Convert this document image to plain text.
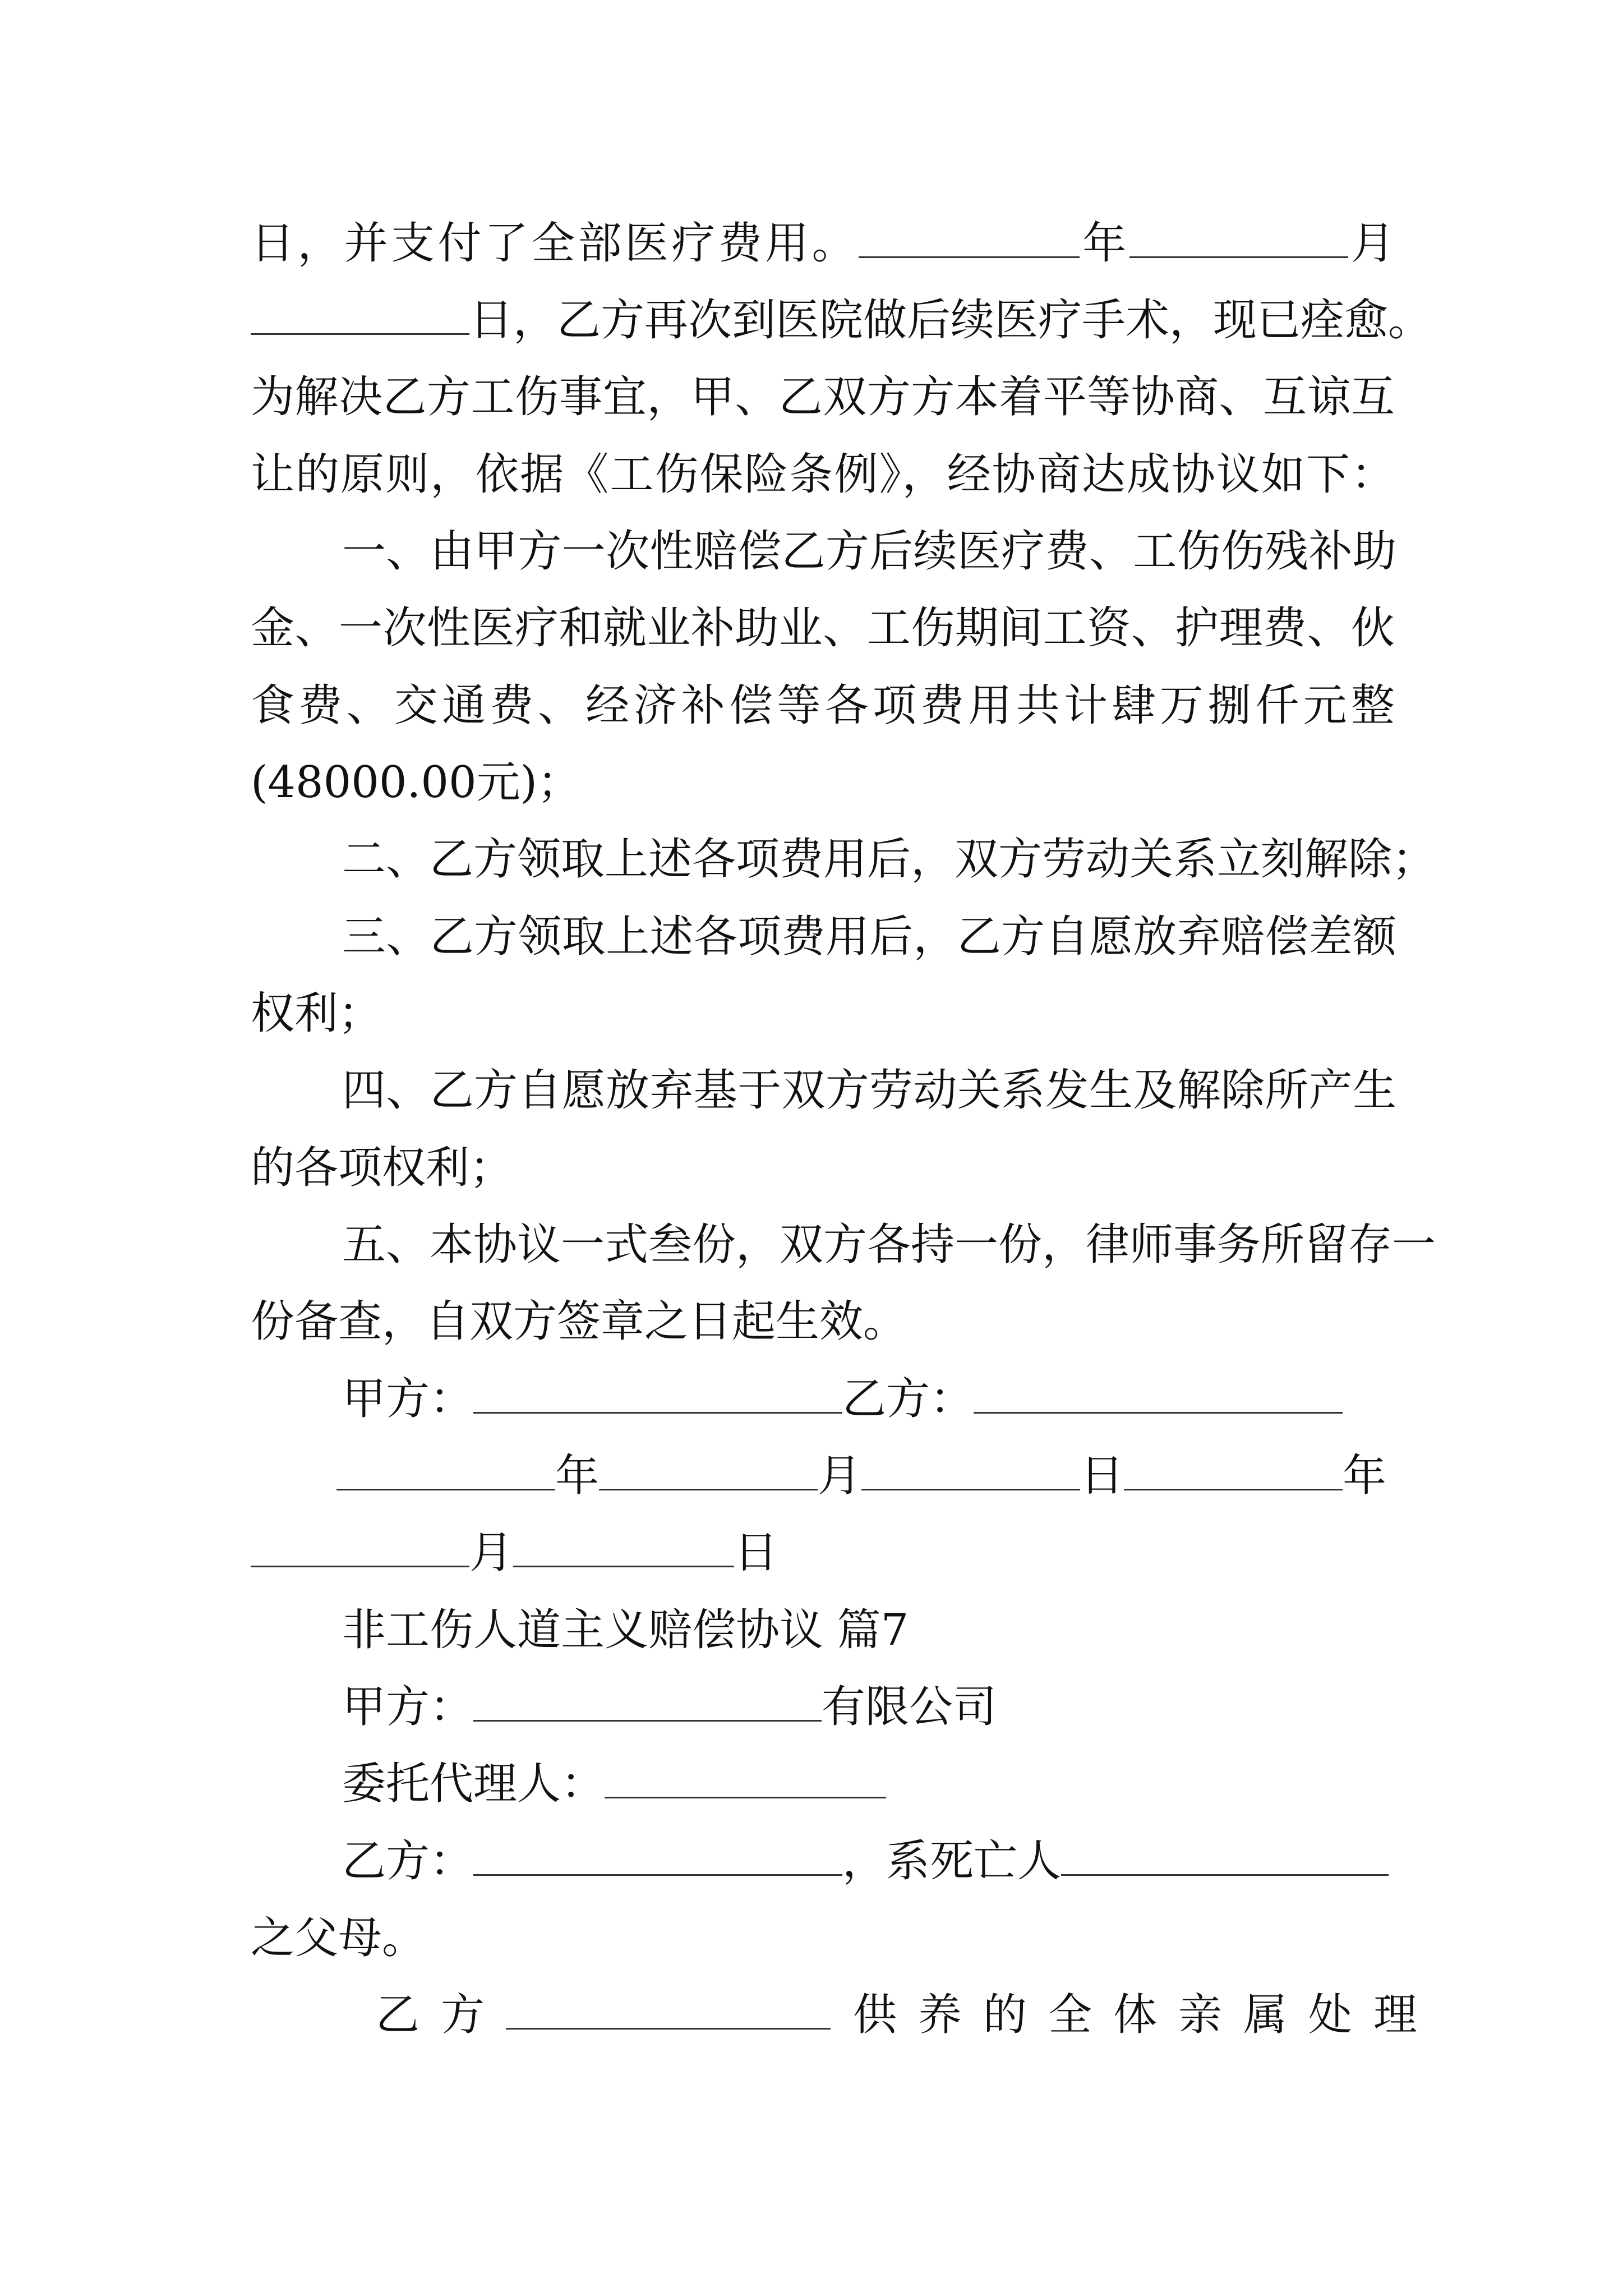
日，并支付了全部医疗费用。	年	月
日，乙方再次到医院做后续医疗手术，现已痊愈。
为解决乙方工伤事宜，甲、乙双方方本着平等协商、互谅互
让的原则，依据《工伤保险条例》，经协商达成协议如下：
一、由甲方一次性赔偿乙方后续医疗费、工伤伤残补助
金、一次性医疗和就业补助业、工伤期间工资、护理费、伙
食费、交通费、经济补偿等各项费用共计肆万捌仟元整
(48000.00元)；
二、乙方领取上述各项费用后，双方劳动关系立刻解除；
三、乙方领取上述各项费用后，乙方自愿放弃赔偿差额
权利；
四、乙方自愿放弃基于双方劳动关系发生及解除所产生
的各项权利；
五、本协议一式叁份，双方各持一份，律师事务所留存一
份备查，自双方签章之日起生效。
甲方：	乙方：
年	月	日	年
月	日
非工伤人道主义赔偿协议 篇7
甲方：	有限公司
委托代理人：
乙方：	，系死亡人
之父母。
乙方	供养的全体亲属处理
